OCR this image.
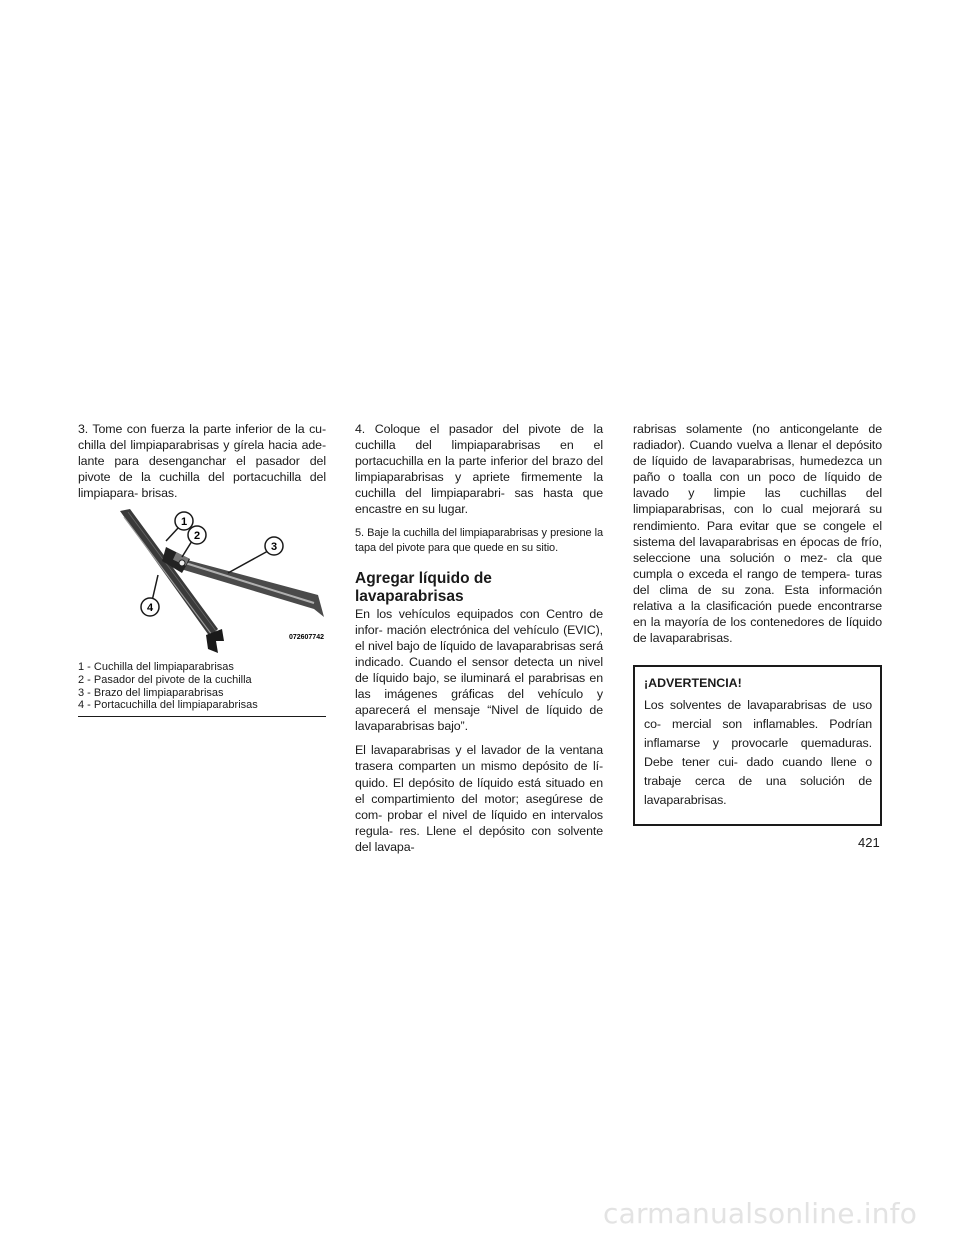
3. Tome con fuerza la parte inferior de la cu- chilla del limpiaparabrisas y gírela hacia ade- lante para desenganchar el pasador del pivote de la cuchilla del portacuchilla del limpiapara- brisas.

1
2
3
4
072607742
1 - Cuchilla del limpiaparabrisas
2 - Pasador del pivote de la cuchilla
3 - Brazo del limpiaparabrisas
4 - Portacuchilla del limpiaparabrisas

4. Coloque el pasador del pivote de la cuchilla del limpiaparabrisas en el portacuchilla en la parte inferior del brazo del limpiaparabrisas y apriete firmemente la cuchilla del limpiaparabri- sas hasta que encastre en su lugar.

5. Baje la cuchilla del limpiaparabrisas y presione la tapa del pivote para que quede en su sitio.

Agregar líquido de lavaparabrisas

En los vehículos equipados con Centro de infor- mación electrónica del vehículo (EVIC), el nivel bajo de líquido de lavaparabrisas será indicado. Cuando el sensor detecta un nivel de líquido bajo, se iluminará el parabrisas en las imágenes gráficas del vehículo y aparecerá el mensaje “Nivel de líquido de lavaparabrisas bajo”.

El lavaparabrisas y el lavador de la ventana trasera comparten un mismo depósito de lí- quido. El depósito de líquido está situado en el compartimiento del motor; asegúrese de com- probar el nivel de líquido en intervalos regula- res. Llene el depósito con solvente del lavapa-

rabrisas solamente (no anticongelante de radiador). Cuando vuelva a llenar el depósito de líquido de lavaparabrisas, humedezca un paño o toalla con un poco de líquido de lavado y limpie las cuchillas del limpiaparabrisas, con lo cual mejorará su rendimiento. Para evitar que se congele el sistema del lavaparabrisas en épocas de frío, seleccione una solución o mez- cla que cumpla o exceda el rango de tempera- turas del clima de su zona. Esta información relativa a la clasificación puede encontrarse en la mayoría de los contenedores de líquido de lavaparabrisas.

¡ADVERTENCIA!

Los solventes de lavaparabrisas de uso co- mercial son inflamables. Podrían inflamarse y provocarle quemaduras. Debe tener cui- dado cuando llene o trabaje cerca de una solución de lavaparabrisas.

421
carmanualsonline.info
